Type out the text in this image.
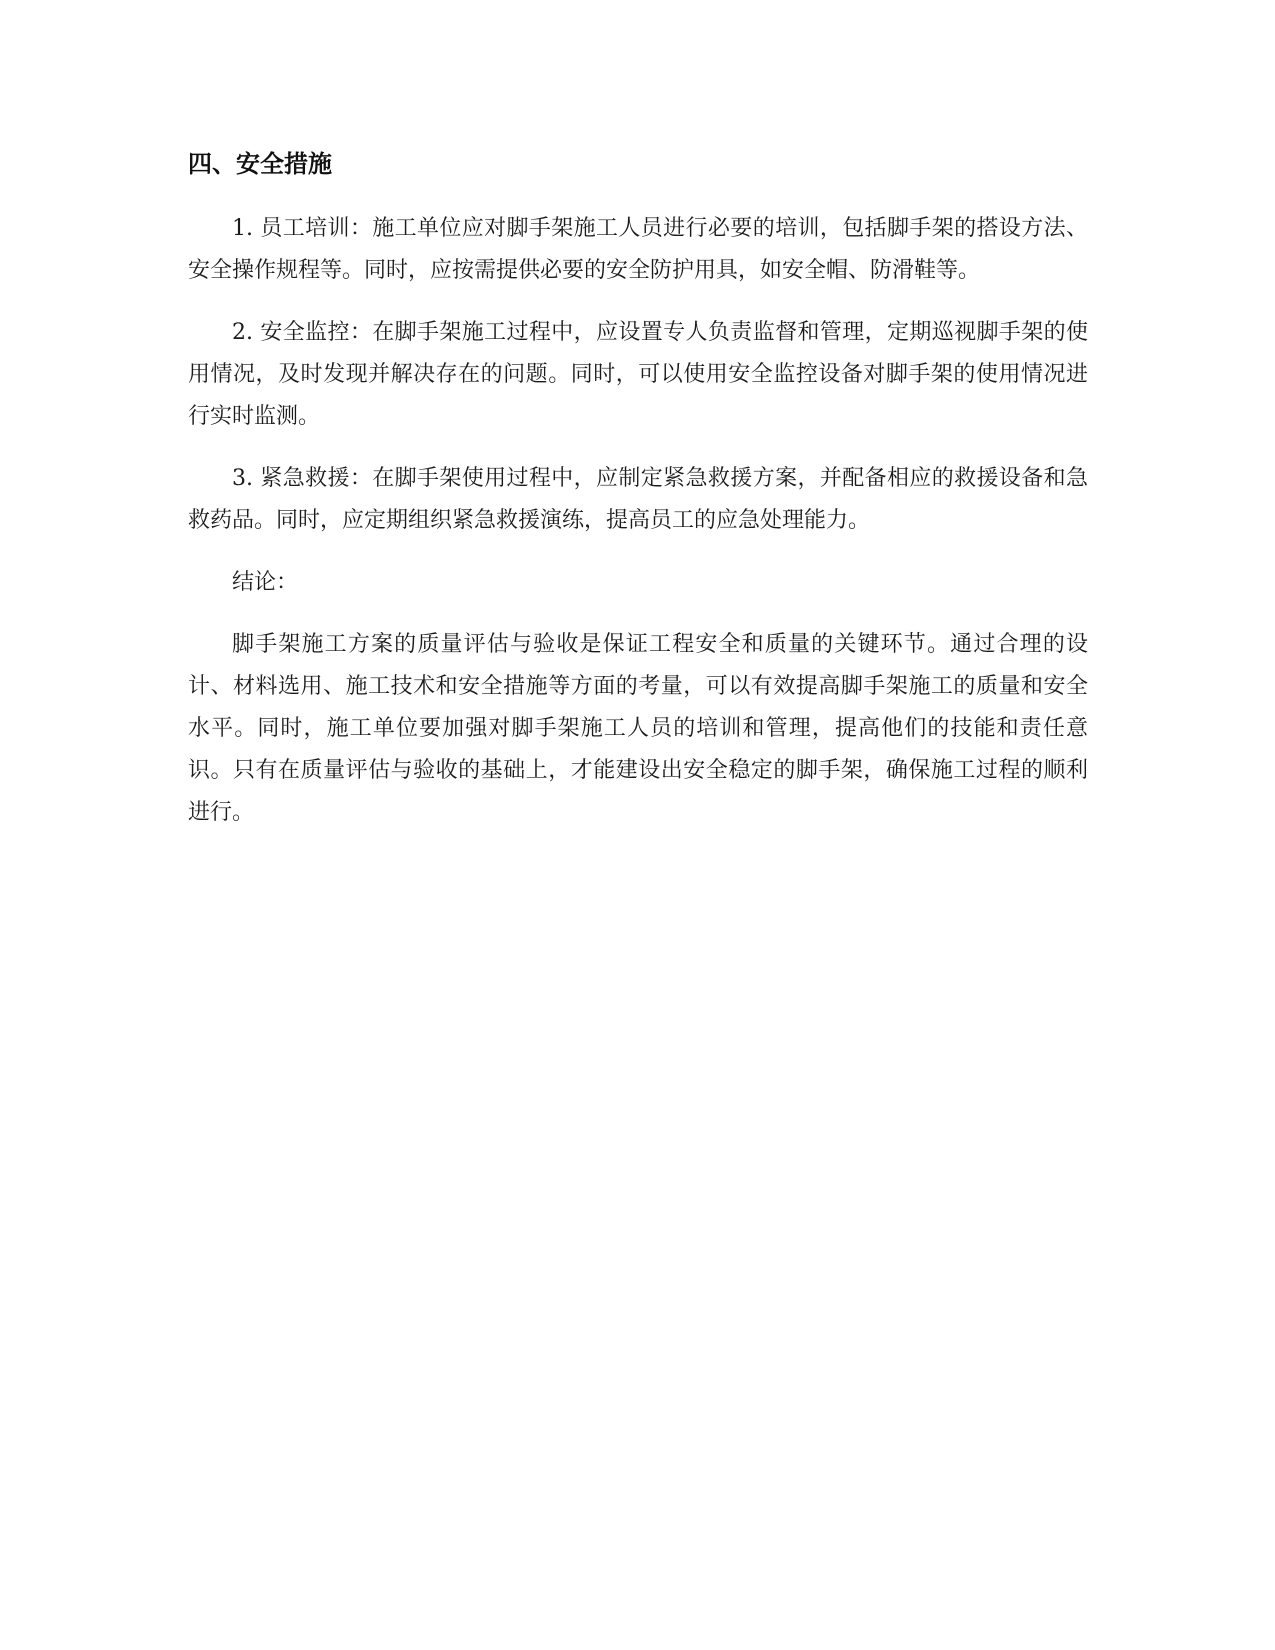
四、安全措施

1. 员工培训：施工单位应对脚手架施工人员进行必要的培训，包括脚手架的搭设方法、安全操作规程等。同时，应按需提供必要的安全防护用具，如安全帽、防滑鞋等。

2. 安全监控：在脚手架施工过程中，应设置专人负责监督和管理，定期巡视脚手架的使用情况，及时发现并解决存在的问题。同时，可以使用安全监控设备对脚手架的使用情况进行实时监测。

3. 紧急救援：在脚手架使用过程中，应制定紧急救援方案，并配备相应的救援设备和急救药品。同时，应定期组织紧急救援演练，提高员工的应急处理能力。

结论：

脚手架施工方案的质量评估与验收是保证工程安全和质量的关键环节。通过合理的设计、材料选用、施工技术和安全措施等方面的考量，可以有效提高脚手架施工的质量和安全水平。同时，施工单位要加强对脚手架施工人员的培训和管理，提高他们的技能和责任意识。只有在质量评估与验收的基础上，才能建设出安全稳定的脚手架，确保施工过程的顺利进行。
